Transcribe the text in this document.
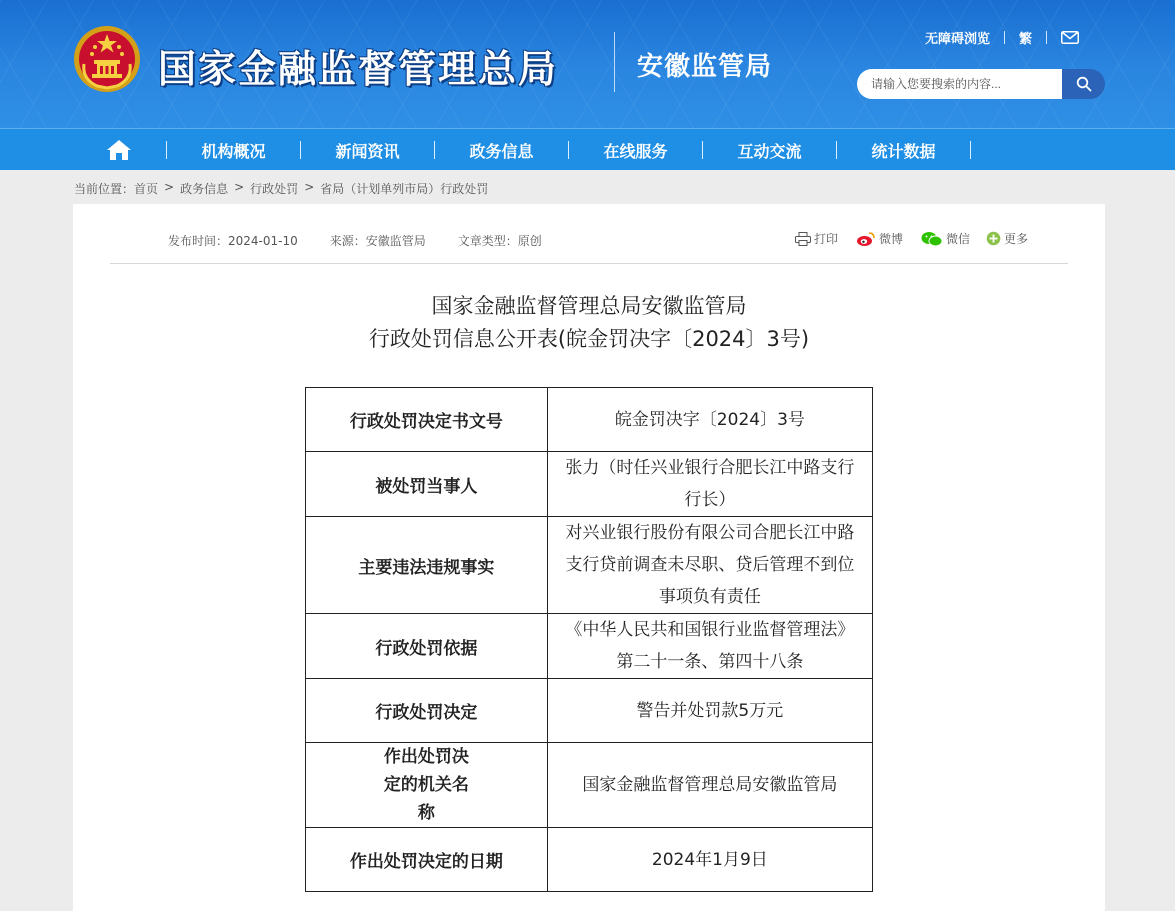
国家金融监督管理总局	安徽监管局
无障碍浏览 繁
请输入您要搜索的内容...
机构概况	新闻资讯	政务信息	在线服务	互动交流	统计数据
当前位置： 首页 > 政务信息 > 行政处罚 > 省局（计划单列市局）行政处罚
发布时间：2024-01-10	来源：安徽监管局	文章类型：原创	打印	微博	微信	更多
国家金融监督管理总局安徽监管局
行政处罚信息公开表(皖金罚决字〔2024〕3号)
行政处罚决定书文号	皖金罚决字〔2024〕3号
被处罚当事人	张力（时任兴业银行合肥长江中路支行行长）
主要违法违规事实	对兴业银行股份有限公司合肥长江中路支行贷前调查未尽职、贷后管理不到位事项负有责任
行政处罚依据	《中华人民共和国银行业监督管理法》第二十一条、第四十八条
行政处罚决定	警告并处罚款5万元
作出处罚决定的机关名称	国家金融监督管理总局安徽监管局
作出处罚决定的日期	2024年1月9日
